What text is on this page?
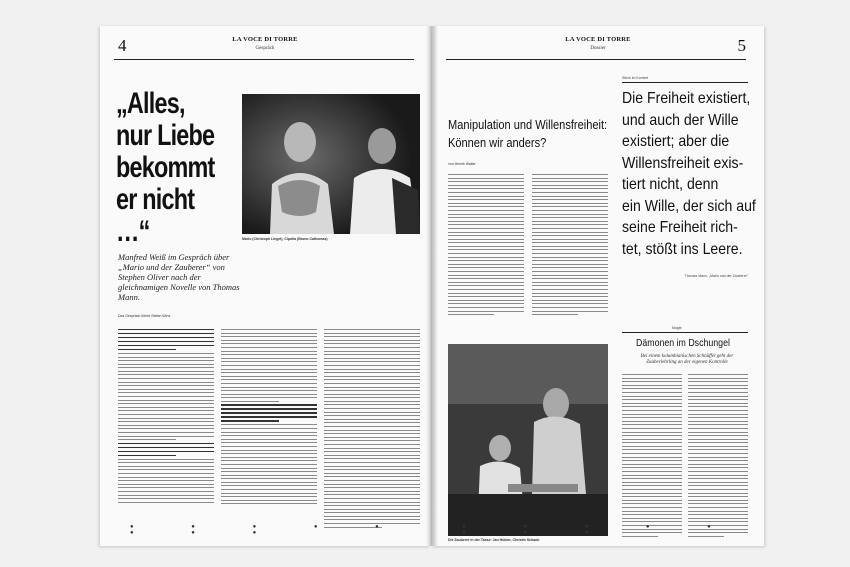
4	LA VOCE DI TORRE
Gespräch
„Alles,
nur Liebe
bekommt
er nicht …“	Mario (Christoph Lingel), Cipolla (Bruno Cathomas)
Manfred Weiß im Gespräch über „Mario und der Zauberer“ von Stephen Oliver nach der gleichnamigen Novelle von Thomas Mann.
Das Gespräch führte Stefan Wirtz
● ● ● ● ● ● ● ●
5
LA VOCE DI TORRE
Dossier
Manipulation und Willensfreiheit:
Können wir anders?
von Henrik Walter
Stück im Kontext
Die Freiheit existiert,
und auch der Wille
existiert; aber die
Willensfreiheit exis-
tiert nicht, denn
ein Wille, der sich auf
seine Freiheit rich-
tet, stößt ins Leere.
Thomas Mann, „Mario und der Zauberer“
Die Zauberer in der Tasse: Jan Hübler, Christin Schaub
Magie
Dämonen im Dschungel
Bei einem kolumbianischen Schnüffel geht der Zauberlehrling an der eigenen Kontrolle
● ● ● ● ● ● ● ●
